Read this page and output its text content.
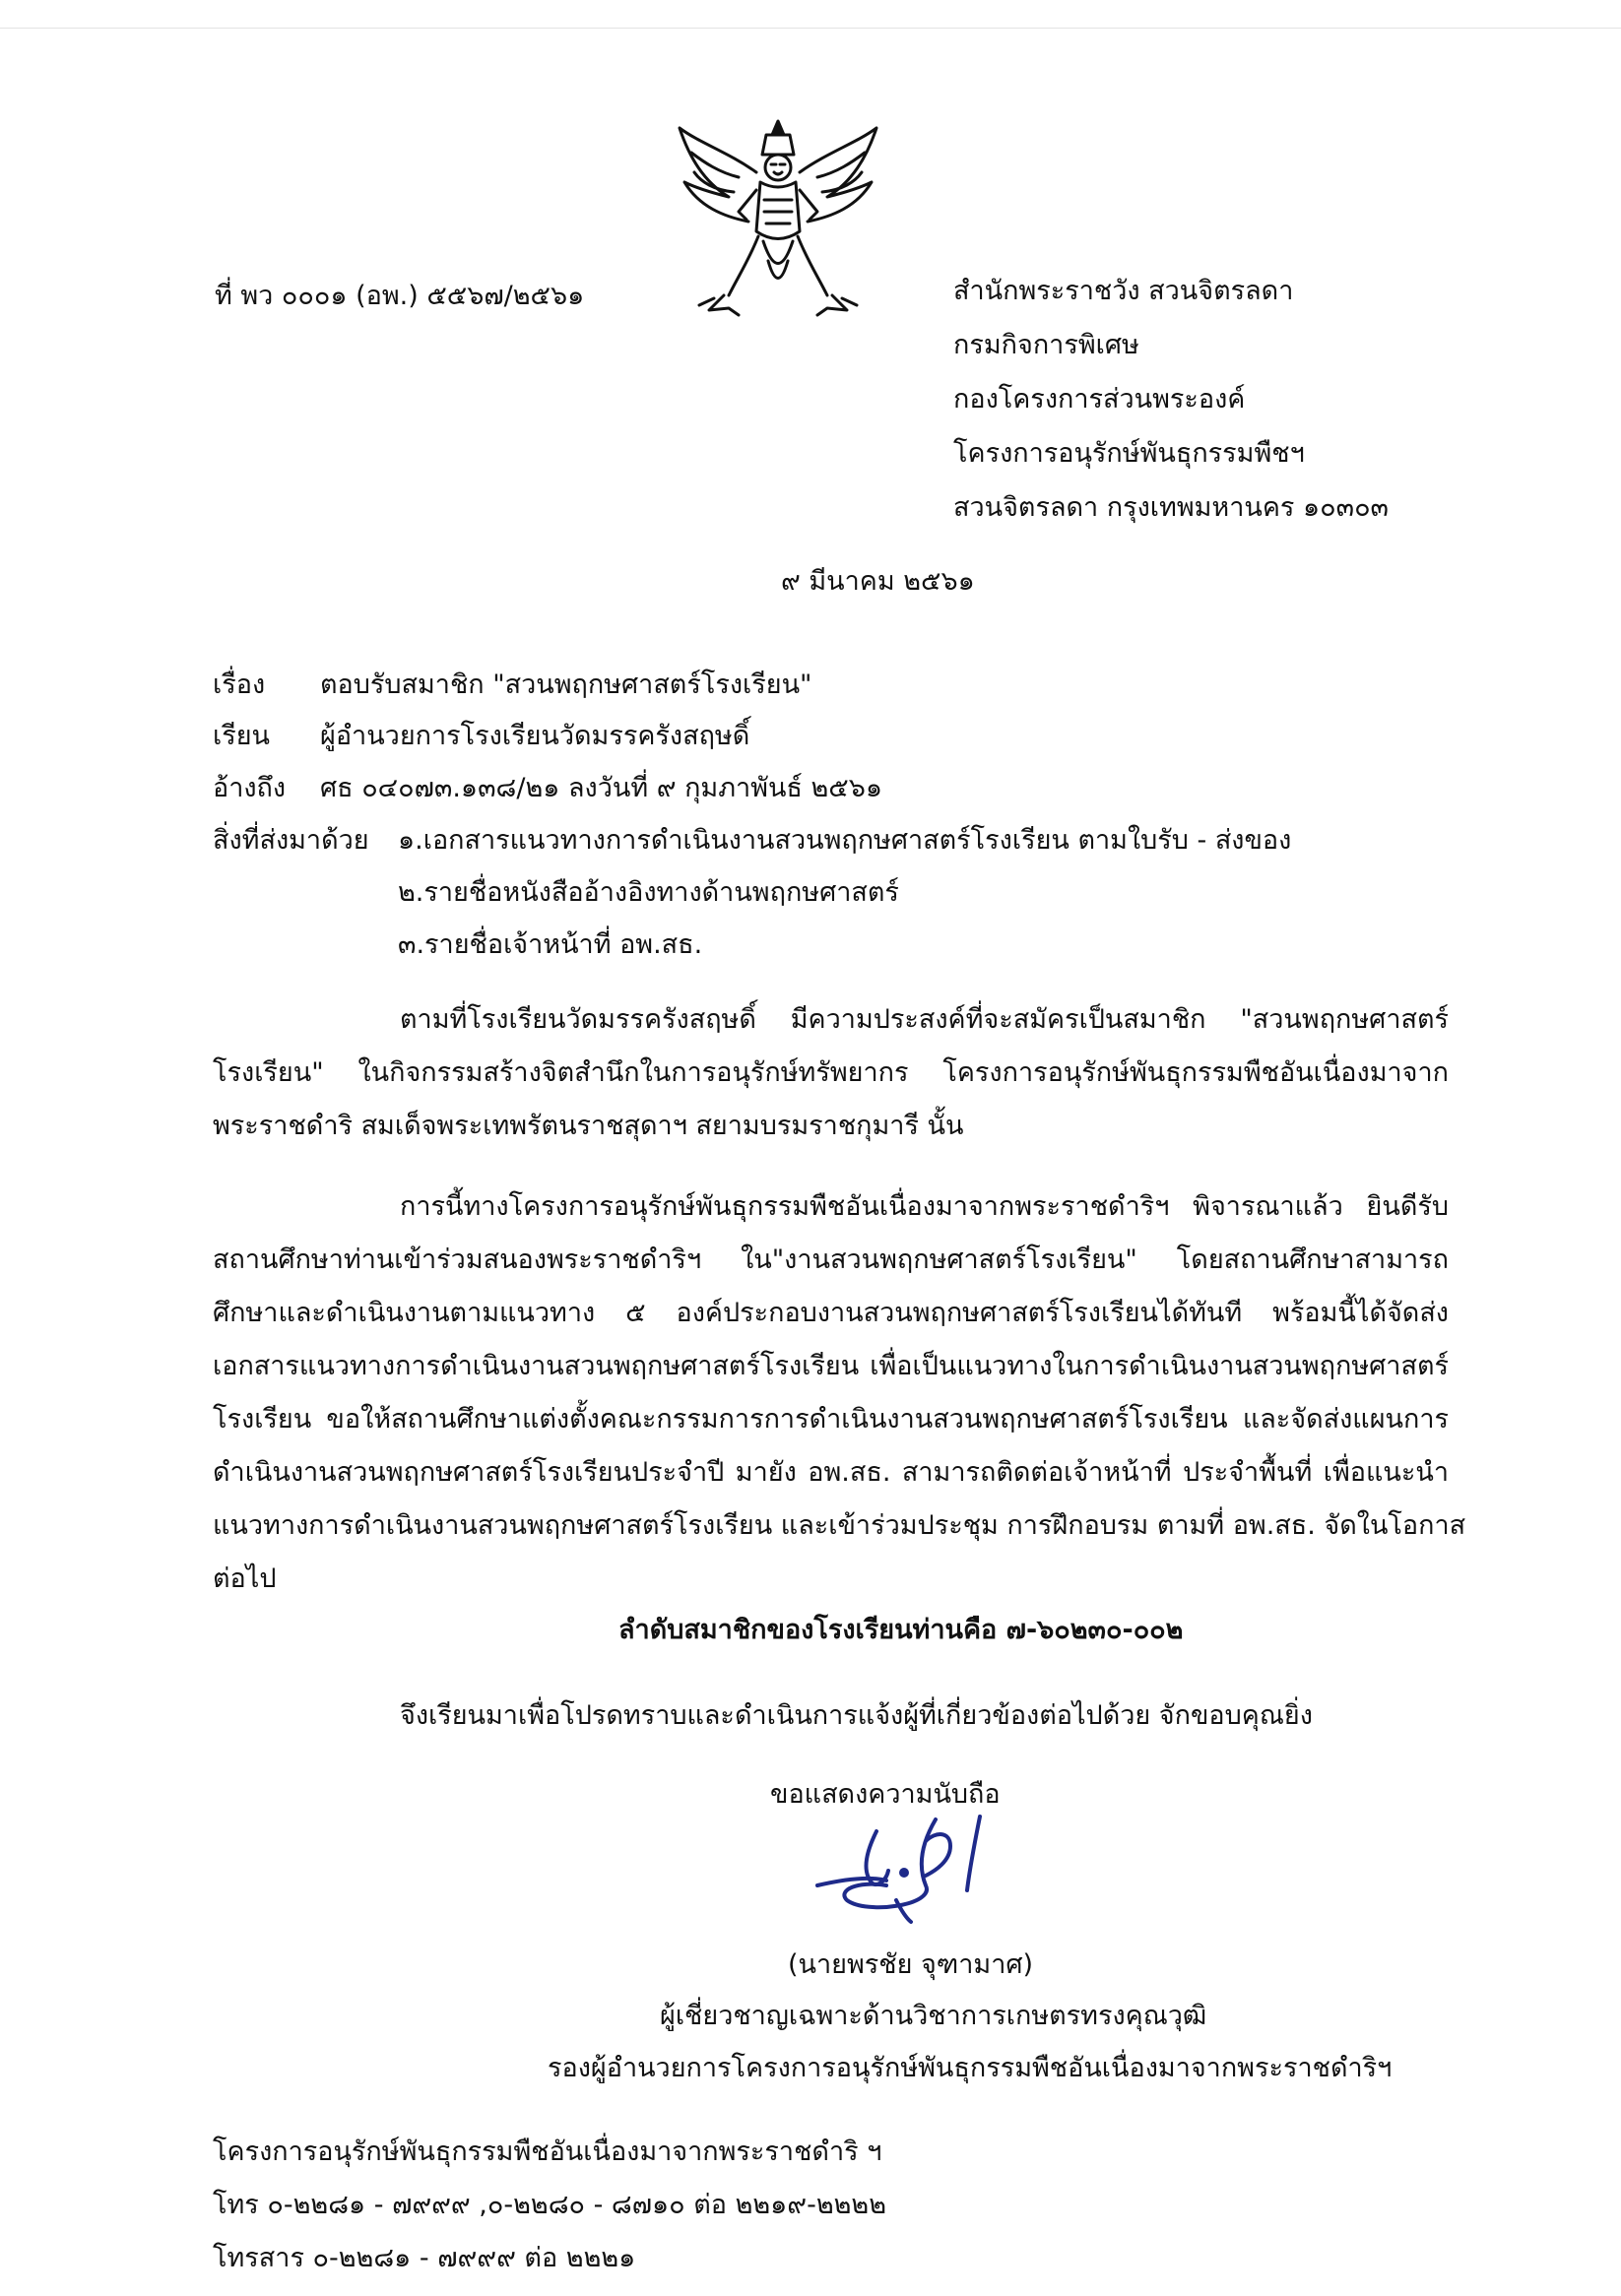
ที่ พว ๐๐๐๑ (อพ.) ๕๕๖๗/๒๕๖๑	สำนักพระราชวัง สวนจิตรลดา
กรมกิจการพิเศษ
กองโครงการส่วนพระองค์
โครงการอนุรักษ์พันธุกรรมพืชฯ
สวนจิตรลดา กรุงเทพมหานคร ๑๐๓๐๓
๙ มีนาคม ๒๕๖๑
เรื่อง ตอบรับสมาชิก "สวนพฤกษศาสตร์โรงเรียน"
เรียน ผู้อำนวยการโรงเรียนวัดมรรครังสฤษดิ์
อ้างถึง ศธ ๐๔๐๗๓.๑๓๘/๒๑ ลงวันที่ ๙ กุมภาพันธ์ ๒๕๖๑
สิ่งที่ส่งมาด้วย ๑.เอกสารแนวทางการดำเนินงานสวนพฤกษศาสตร์โรงเรียน ตามใบรับ - ส่งของ
๒.รายชื่อหนังสืออ้างอิงทางด้านพฤกษศาสตร์
๓.รายชื่อเจ้าหน้าที่ อพ.สธ.
ตามที่โรงเรียนวัดมรรครังสฤษดิ์ มีความประสงค์ที่จะสมัครเป็นสมาชิก "สวนพฤกษศาสตร์
โรงเรียน" ในกิจกรรมสร้างจิตสำนึกในการอนุรักษ์ทรัพยากร โครงการอนุรักษ์พันธุกรรมพืชอันเนื่องมาจาก
พระราชดำริ สมเด็จพระเทพรัตนราชสุดาฯ สยามบรมราชกุมารี นั้น
การนี้ทางโครงการอนุรักษ์พันธุกรรมพืชอันเนื่องมาจากพระราชดำริฯ พิจารณาแล้ว ยินดีรับ
สถานศึกษาท่านเข้าร่วมสนองพระราชดำริฯ ใน"งานสวนพฤกษศาสตร์โรงเรียน" โดยสถานศึกษาสามารถ
ศึกษาและดำเนินงานตามแนวทาง ๕ องค์ประกอบงานสวนพฤกษศาสตร์โรงเรียนได้ทันที พร้อมนี้ได้จัดส่ง
เอกสารแนวทางการดำเนินงานสวนพฤกษศาสตร์โรงเรียน เพื่อเป็นแนวทางในการดำเนินงานสวนพฤกษศาสตร์
โรงเรียน ขอให้สถานศึกษาแต่งตั้งคณะกรรมการการดำเนินงานสวนพฤกษศาสตร์โรงเรียน และจัดส่งแผนการ
ดำเนินงานสวนพฤกษศาสตร์โรงเรียนประจำปี มายัง อพ.สธ. สามารถติดต่อเจ้าหน้าที่ ประจำพื้นที่ เพื่อแนะนำ
แนวทางการดำเนินงานสวนพฤกษศาสตร์โรงเรียน และเข้าร่วมประชุม การฝึกอบรม ตามที่ อพ.สธ. จัดในโอกาส
ต่อไป
ลำดับสมาชิกของโรงเรียนท่านคือ ๗-๖๐๒๓๐-๐๐๒
จึงเรียนมาเพื่อโปรดทราบและดำเนินการแจ้งผู้ที่เกี่ยวข้องต่อไปด้วย จักขอบคุณยิ่ง
ขอแสดงความนับถือ
(นายพรชัย จุฑามาศ)
ผู้เชี่ยวชาญเฉพาะด้านวิชาการเกษตรทรงคุณวุฒิ
รองผู้อำนวยการโครงการอนุรักษ์พันธุกรรมพืชอันเนื่องมาจากพระราชดำริฯ
โครงการอนุรักษ์พันธุกรรมพืชอันเนื่องมาจากพระราชดำริ ฯ
โทร ๐-๒๒๘๑ - ๗๙๙๙ ,๐-๒๒๘๐ - ๘๗๑๐ ต่อ ๒๒๑๙-๒๒๒๒
โทรสาร ๐-๒๒๘๑ - ๗๙๙๙ ต่อ ๒๒๒๑
